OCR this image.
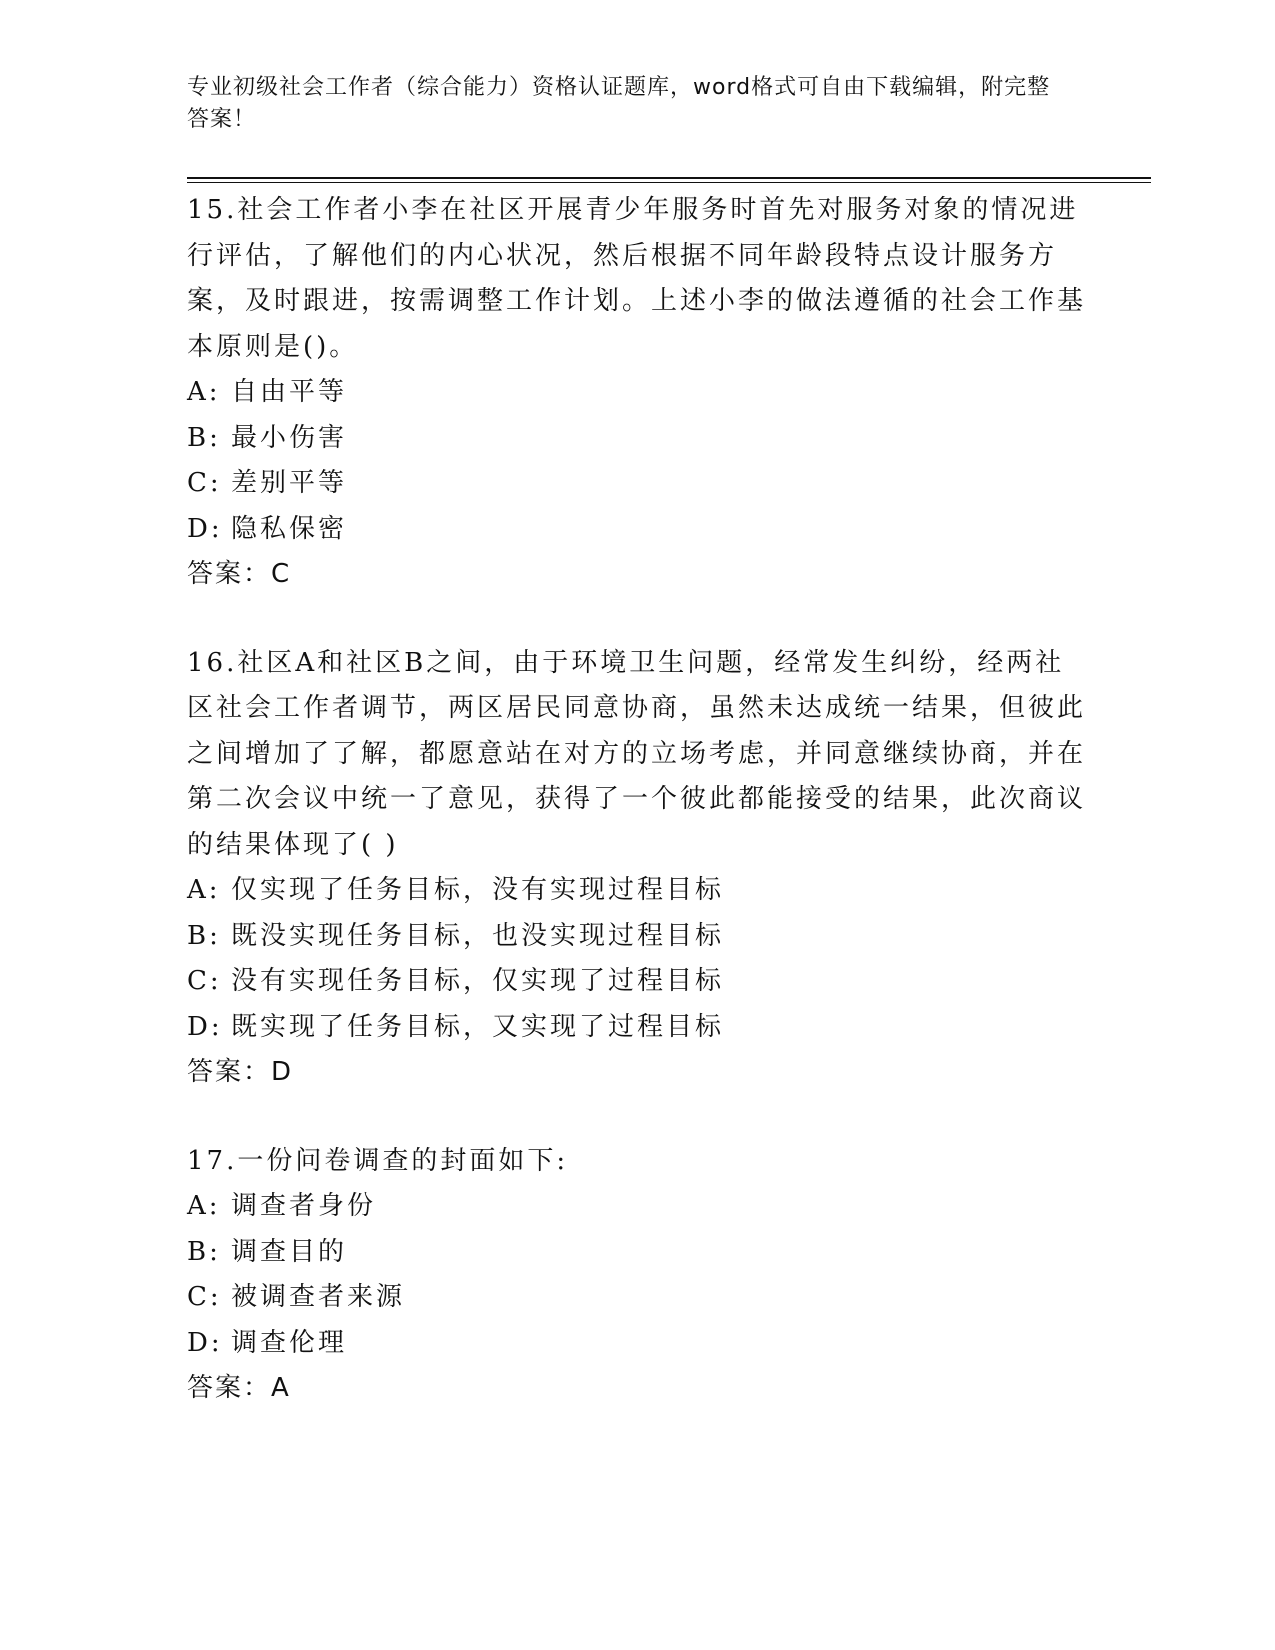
专业初级社会工作者（综合能力）资格认证题库，word格式可自由下载编辑，附完整答案！
15.社会工作者小李在社区开展青少年服务时首先对服务对象的情况进行评估，了解他们的内心状况，然后根据不同年龄段特点设计服务方案，及时跟进，按需调整工作计划。上述小李的做法遵循的社会工作基本原则是()。
A: 自由平等
B: 最小伤害
C: 差别平等
D: 隐私保密
答案：C
16.社区A和社区B之间，由于环境卫生问题，经常发生纠纷，经两社区社会工作者调节，两区居民同意协商，虽然未达成统一结果，但彼此之间增加了了解，都愿意站在对方的立场考虑，并同意继续协商，并在第二次会议中统一了意见，获得了一个彼此都能接受的结果，此次商议的结果体现了( )
A: 仅实现了任务目标，没有实现过程目标
B: 既没实现任务目标，也没实现过程目标
C: 没有实现任务目标，仅实现了过程目标
D: 既实现了任务目标，又实现了过程目标
答案：D
17.一份问卷调查的封面如下:
A: 调查者身份
B: 调查目的
C: 被调查者来源
D: 调查伦理
答案：A
